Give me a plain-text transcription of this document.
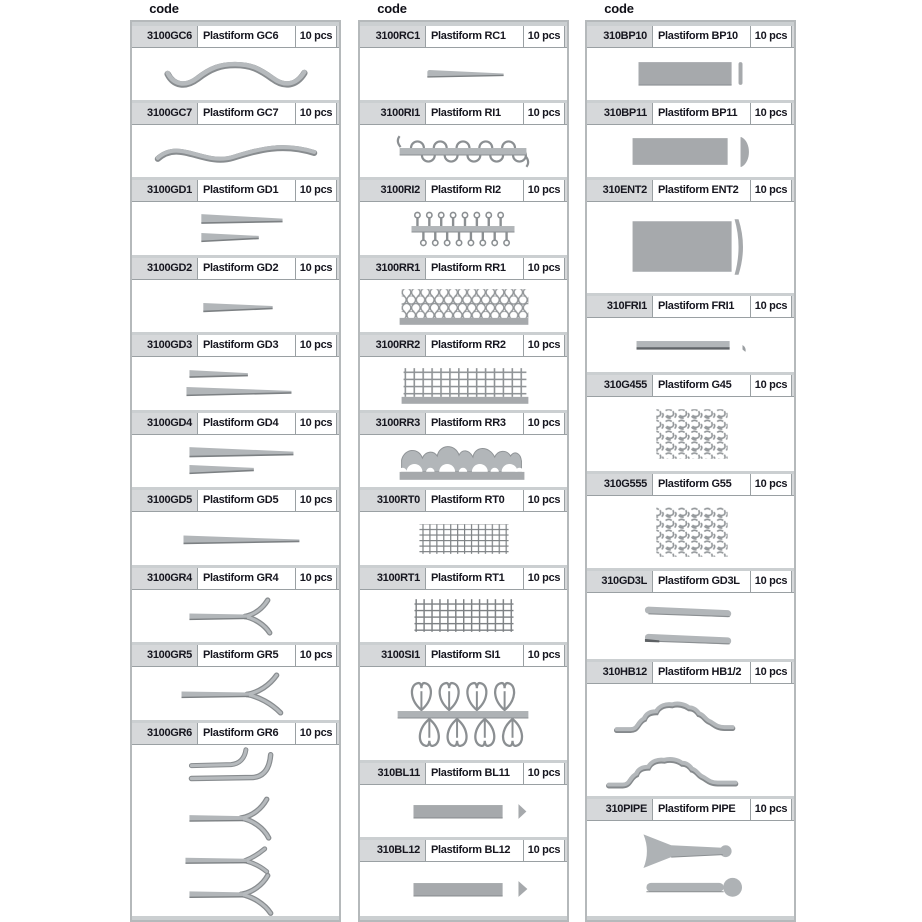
code
3100GC6	Plastiform GC6	10 pcs
3100GC7	Plastiform GC7	10 pcs
3100GD1	Plastiform GD1	10 pcs
3100GD2	Plastiform GD2	10 pcs
3100GD3	Plastiform GD3	10 pcs
3100GD4	Plastiform GD4	10 pcs
3100GD5	Plastiform GD5	10 pcs
3100GR4	Plastiform GR4	10 pcs
3100GR5	Plastiform GR5	10 pcs
3100GR6	Plastiform GR6	10 pcs
code
3100RC1	Plastiform RC1	10 pcs
3100RI1	Plastiform RI1	10 pcs
3100RI2	Plastiform RI2	10 pcs
3100RR1	Plastiform RR1	10 pcs
3100RR2	Plastiform RR2	10 pcs
3100RR3	Plastiform RR3	10 pcs
3100RT0	Plastiform RT0	10 pcs
3100RT1	Plastiform RT1	10 pcs
3100SI1	Plastiform SI1	10 pcs
310BL11	Plastiform BL11	10 pcs
310BL12	Plastiform BL12	10 pcs
code
310BP10	Plastiform BP10	10 pcs
310BP11	Plastiform BP11	10 pcs
310ENT2	Plastiform ENT2	10 pcs
310FRI1	Plastiform FRI1	10 pcs
310G455	Plastiform G45	10 pcs
310G555	Plastiform G55	10 pcs
310GD3L	Plastiform GD3L	10 pcs
310HB12	Plastiform HB1/2	10 pcs
310PIPE	Plastiform PIPE	10 pcs
